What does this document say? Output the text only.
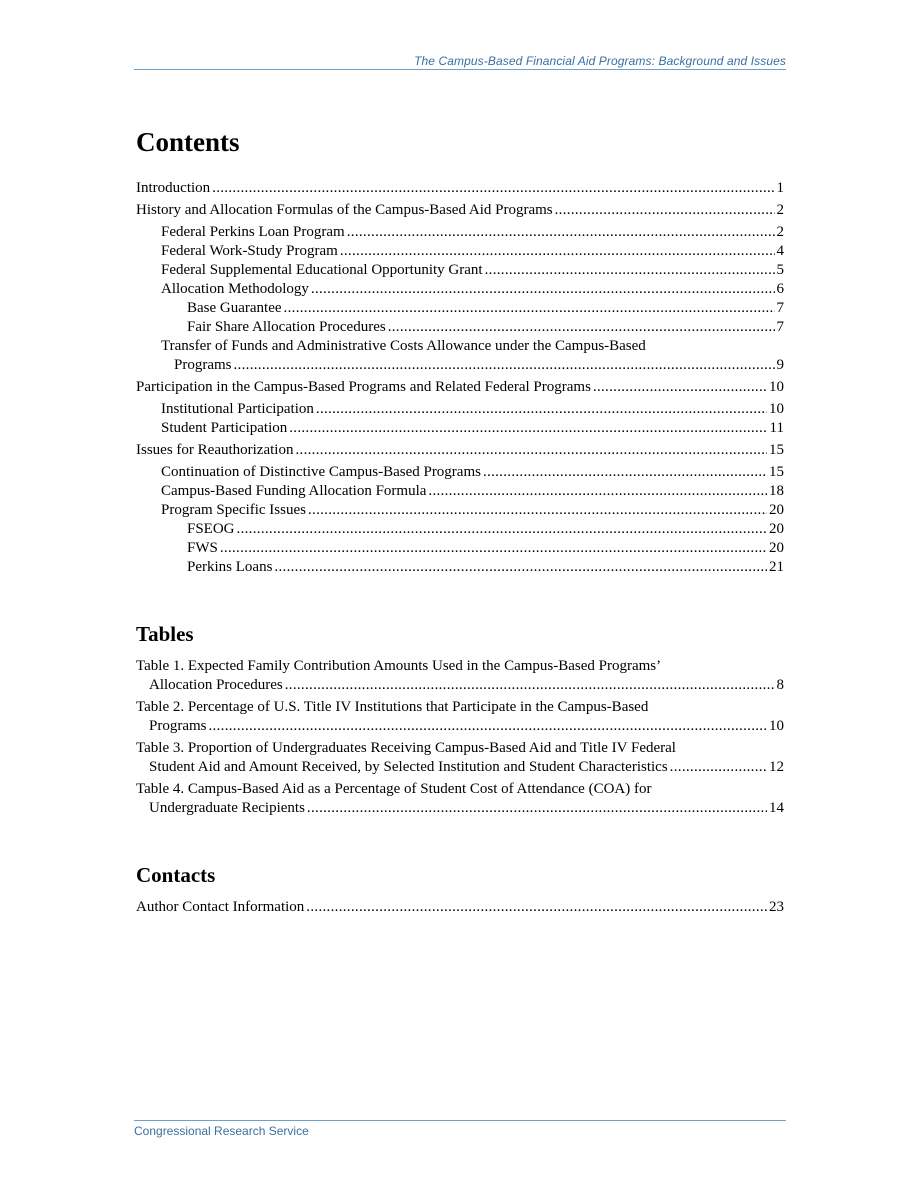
The Campus-Based Financial Aid Programs: Background and Issues
Contents
Introduction .....	1
History and Allocation Formulas of the Campus-Based Aid Programs .....	2
Federal Perkins Loan Program .....	2
Federal Work-Study Program .....	4
Federal Supplemental Educational Opportunity Grant .....	5
Allocation Methodology .....	6
Base Guarantee .....	7
Fair Share Allocation Procedures .....	7
Transfer of Funds and Administrative Costs Allowance under the Campus-Based
Programs .....	9
Participation in the Campus-Based Programs and Related Federal Programs .....	10
Institutional Participation .....	10
Student Participation .....	11
Issues for Reauthorization .....	15
Continuation of Distinctive Campus-Based Programs .....	15
Campus-Based Funding Allocation Formula .....	18
Program Specific Issues .....	20
FSEOG .....	20
FWS .....	20
Perkins Loans .....	21
Tables
Table 1. Expected Family Contribution Amounts Used in the Campus-Based Programs’
Allocation Procedures .....	8
Table 2. Percentage of U.S. Title IV Institutions that Participate in the Campus-Based
Programs .....	10
Table 3. Proportion of Undergraduates Receiving Campus-Based Aid and Title IV Federal
Student Aid and Amount Received, by Selected Institution and Student Characteristics .....	12
Table 4. Campus-Based Aid as a Percentage of Student Cost of Attendance (COA) for
Undergraduate Recipients .....	14
Contacts
Author Contact Information .....	23
Congressional Research Service
